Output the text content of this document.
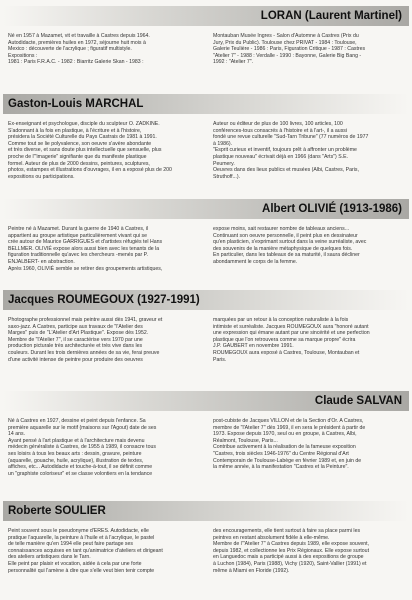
LORAN (Laurent Martinel)
Né en 1957 à Mazamet, vit et travaille à Castres depuis 1964.
Autodidacte, premières huiles en 1972, séjourne huit mois à
Mexico : découverte de l'acrylique ; figuratif multistyle.
Expositions :
1981 : Paris F.R.A.C. - 1982 : Biarritz Galerie Skan - 1983 :
Montauban Musée Ingres - Salon d'Automne à Castres (Prix du
Jury, Prix du Public). Toulouse chez PRIVAT - 1984 : Toulouse,
Galerie Teulière - 1986 : Paris, Figuration Critique - 1987 : Castres
"Atelier 7" - 1988 : Verdalle - 1990 : Bayonne, Galerie Big Bang -
1992 : "Atelier 7".
Gaston-Louis MARCHAL
Ex-enseignant et psychologue, disciple du sculpteur O. ZADKINE.
S'adonnant à la fois en plastique, à l'écriture et à l'histoire,
présidera la Société Culturelle du Pays Castrais de 1981 à 1991.
Comme tout se lie polyvalence, son oeuvre s'avère abondante
et très diverse, et sans doute plus intellectuelle que sensuelle, plus
proche de l'"imagerie" signifiante que du manifeste plastique
formel. Auteur de plus de 2000 dessins, peintures, sculptures,
photos, estampes et illustrations d'ouvrages, il en a exposé plus de 200
expositions ou participations.
Auteur ou éditeur de plus de 100 livres, 100 articles, 100
conférences-tous consacrés à l'histoire et à l'art-, il a aussi
fondé une revue culturelle "Sud-Tarn Tribune" (77 numéros de 1977
à 1986).
"Esprit curieux et inventif, toujours prêt à affronter un problème
plastique nouveau" écrivait déjà en 1966 (dans "Arts") S.E.
Peumery.
Oeuvres dans des lieux publics et musées (Albi, Castres, Paris,
Struthoff...).
Albert OLIVIÉ (1913-1986)
Peintre né à Mazamet. Durant la guerre de 1940 à Castres, il
appartient au groupe artistique particulièrement vivant qui se
crée autour de Maurice GARRIGUES et d'artistes réfugiés tel Hans
BELLMER. OLIVIÉ expose alors aussi bien avec les tenants de la
figuration traditionnelle qu'avec les chercheurs -menés par P.
ENJALBERT- en abstraction.
Après 1960, OLIVIÉ semble se retirer des groupements artistiques,
expose moins, sait restaurer nombre de tableaux anciens...
Continuant son oeuvre personnelle, il peint plus en dessinateur
qu'en plasticien, s'exprimant surtout dans la veine surréaliste, avec
des souvenirs de la manière métaphysique de quelques fois.
En particulier, dans les tableaux de sa maturité, il saura décliner
abondamment le corps de la femme.
Jacques ROUMEGOUX (1927-1991)
Photographe professionnel mais peintre aussi dès 1941, graveur et
saxo-jazz. A Castres, participe aux travaux de "l'Atelier des
Marges" puis de "L'Atelier d'Art Plastique". Expose dès 1952.
Membre de "l'Atelier 7", il se caractérise vers 1970 par une
production picturale très architecturée et très vive dans les
couleurs. Durant les trois dernières années de sa vie, ferai preuve
d'une activité intense de peintre pour produire des oeuvres
marquées par un retour à la conception naturaliste à la fois
intimiste et surréaliste. Jacques ROUMEGOUX aura "honoré autant
une expression qui émane autant par une sincérité et une perfection
plastique que l'on retrouvera comme sa marque propre" écrira
J.P. GAUBERT en novembre 1991.
ROUMEGOUX aura exposé à Castres, Toulouse, Montauban et
Paris.
Claude SALVAN
Né à Castres en 1927, dessine et peint depuis l'enfance. Sa
première aquarelle sur le motif (maisons sur l'Agout) date de ses
14 ans.
Ayant pensé à l'art plastique et à l'architecture mais devenu
médecin généraliste à Castres, de 1955 à 1989, il consacre tous
ses loisirs à tous les beaux arts : dessin, gravure, peinture
(aquarelle, gouache, huile, acrylique), illustration de textes,
affiches, etc... Autodidacte et touche-à-tout, il se définit comme
un "graphiste coloriseur" et se classe volontiers en la tendance
post-cubiste de Jacques VILLON et de la Section d'Or. A Castres,
membre de "l'Atelier 7" dès 1969, il en sera le président à partir de
1973. Expose depuis 1970, seul ou en groupe, à Castres, Albi,
Réalmont, Toulouse, Paris...
Contribue activement à la réalisation de la fameuse exposition
"Castres, trois siècles 1946-1976" du Centre Régional d'Art
Contemporain de Toulouse-Labège en février 1989 et, en juin de
la même année, à la manifestation "Castres et la Peinture".
Roberte SOULIER
Peint souvent sous le pseudonyme d'ERES. Autodidacte, elle
pratique l'aquarelle, la peinture à l'huile et à l'acrylique, le pastel
de telle manière qu'en 1994 elle peut faire partage ses
connaissances acquises en tant qu'animatrice d'ateliers et dirigeant
des ateliers artistiques dans le Tarn.
Elle peint par plaisir et vocation, aidée à cela par une forte
personnalité qui l'amène à dire que s'elle veut bien tenir compte
des encouragements, elle tient surtout à faire sa place parmi les
peintres en restant absolument fidèle à elle-même.
Membre de l'"Atelier 7" à Castres depuis 1989, elle expose souvent,
depuis 1982, et collectionne les Prix Régionaux. Elle expose surtout
en Languedoc mais a participé aussi à des expositions de groupe
à Luchon (1984), Paris (1988), Vichy (1920), Saint-Vallier (1991) et
même à Miami en Floride (1992).
